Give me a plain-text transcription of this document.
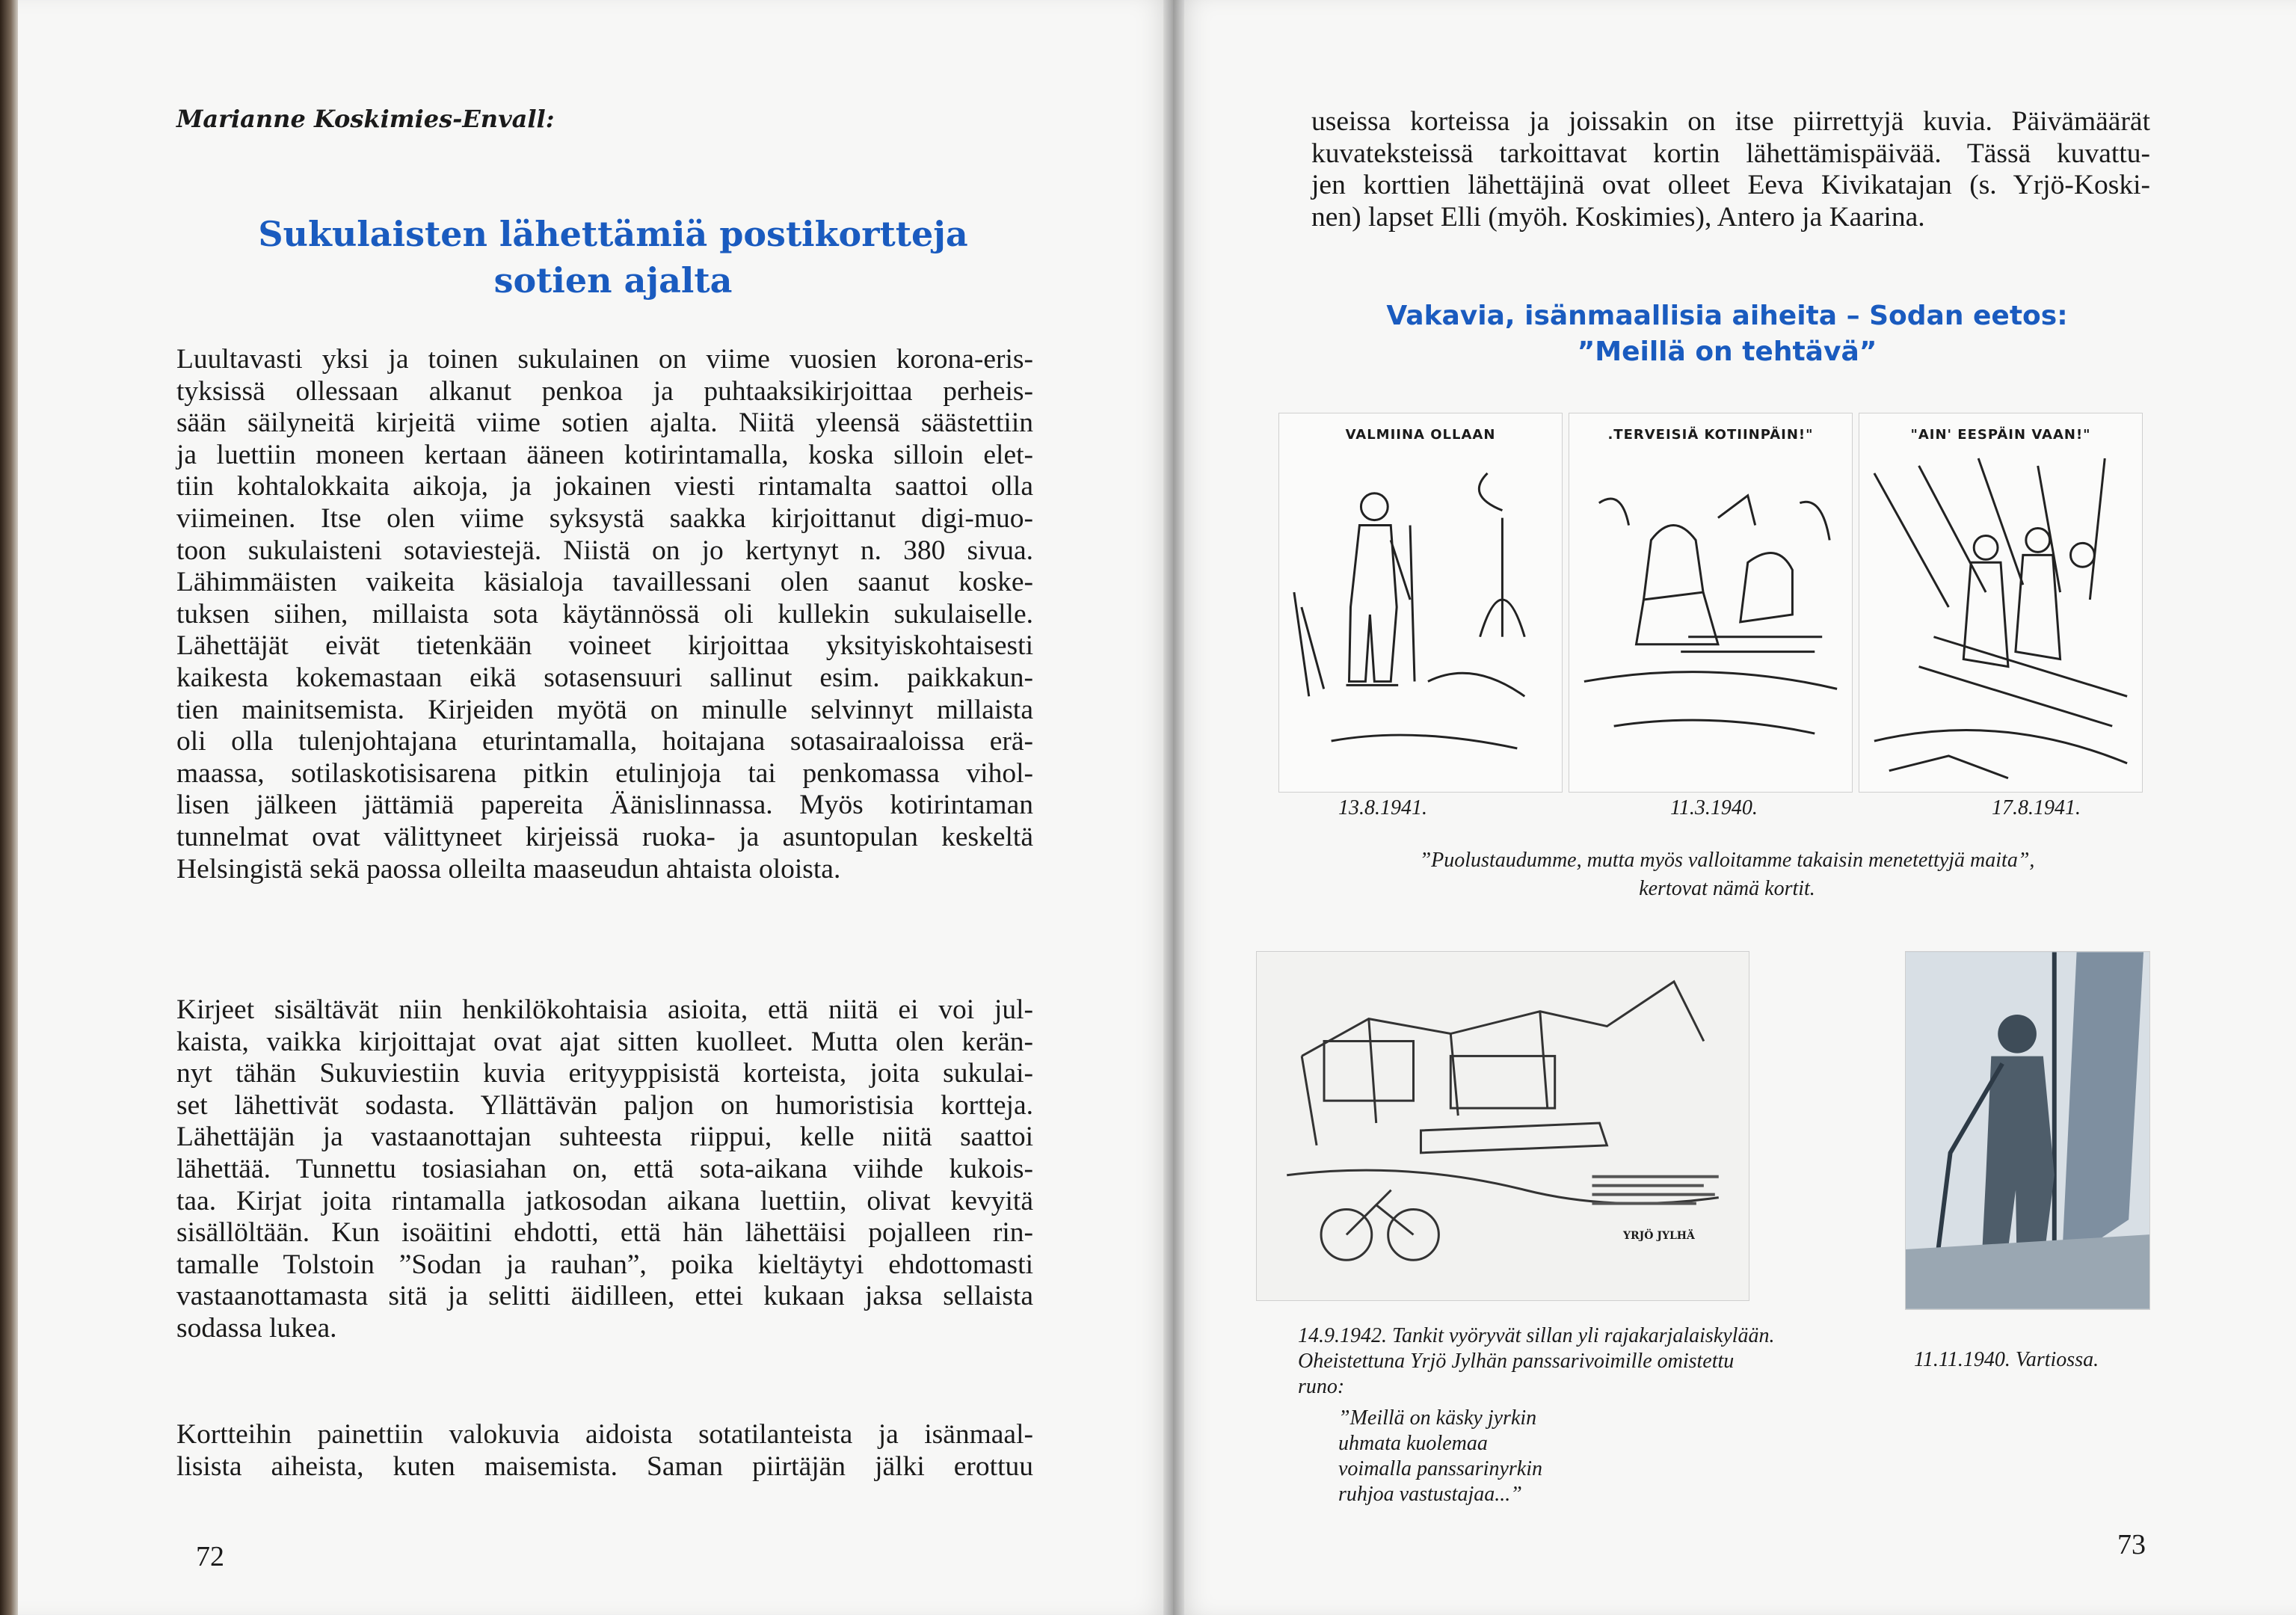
Marianne Koskimies-Envall:
Sukulaisten lähettämiä postikortteja
sotien ajalta
Luultavasti yksi ja toinen sukulainen on viime vuosien korona-eris-
tyksissä ollessaan alkanut penkoa ja puhtaaksikirjoittaa perheis-
sään säilyneitä kirjeitä viime sotien ajalta. Niitä yleensä säästettiin
ja luettiin moneen kertaan ääneen kotirintamalla, koska silloin elet-
tiin kohtalokkaita aikoja, ja jokainen viesti rintamalta saattoi olla
viimeinen. Itse olen viime syksystä saakka kirjoittanut digi-muo-
toon sukulaisteni sotaviestejä. Niistä on jo kertynyt n. 380 sivua.
Lähimmäisten vaikeita käsialoja tavaillessani olen saanut koske-
tuksen siihen, millaista sota käytännössä oli kullekin sukulaiselle.
Lähettäjät eivät tietenkään voineet kirjoittaa yksityiskohtaisesti
kaikesta kokemastaan eikä sotasensuuri sallinut esim. paikkakun-
tien mainitsemista. Kirjeiden myötä on minulle selvinnyt millaista
oli olla tulenjohtajana eturintamalla, hoitajana sotasairaaloissa erä-
maassa, sotilaskotisisarena pitkin etulinjoja tai penkomassa vihol-
lisen jälkeen jättämiä papereita Äänislinnassa. Myös kotirintaman
tunnelmat ovat välittyneet kirjeissä ruoka- ja asuntopulan keskeltä
Helsingistä sekä paossa olleilta maaseudun ahtaista oloista.
Kirjeet sisältävät niin henkilökohtaisia asioita, että niitä ei voi jul-
kaista, vaikka kirjoittajat ovat ajat sitten kuolleet. Mutta olen kerän-
nyt tähän Sukuviestiin kuvia erityyppisistä korteista, joita sukulai-
set lähettivät sodasta. Yllättävän paljon on humoristisia kortteja.
Lähettäjän ja vastaanottajan suhteesta riippui, kelle niitä saattoi
lähettää. Tunnettu tosiasiahan on, että sota-aikana viihde kukois-
taa. Kirjat joita rintamalla jatkosodan aikana luettiin, olivat kevyitä
sisällöltään. Kun isoäitini ehdotti, että hän lähettäisi pojalleen rin-
tamalle Tolstoin ”Sodan ja rauhan”, poika kieltäytyi ehdottomasti
vastaanottamasta sitä ja selitti äidilleen, ettei kukaan jaksa sellaista
sodassa lukea.
Kortteihin painettiin valokuvia aidoista sotatilanteista ja isänmaal-
lisista aiheista, kuten maisemista. Saman piirtäjän jälki erottuu
72
useissa korteissa ja joissakin on itse piirrettyjä kuvia. Päivämäärät
kuvateksteissä tarkoittavat kortin lähettämispäivää. Tässä kuvattu-
jen korttien lähettäjinä ovat olleet Eeva Kivikatajan (s. Yrjö-Koski-
nen) lapset Elli (myöh. Koskimies), Antero ja Kaarina.
Vakavia, isänmaallisia aiheita – Sodan eetos:
”Meillä on tehtävä”
VALMIINA OLLAAN	.TERVEISIÄ KOTIINPÄIN!"	"AIN' EESPÄIN VAAN!"
13.8.1941.	11.3.1940.	17.8.1941.
”Puolustaudumme, mutta myös valloitamme takaisin menetettyjä maita”,
kertovat nämä kortit.
YRJÖ JYLHÄ
14.9.1942. Tankit vyöryvät sillan yli rajakarjalaiskylään.
Oheistettuna Yrjö Jylhän panssarivoimille omistettu
runo:
”Meillä on käsky jyrkin
uhmata kuolemaa
voimalla panssarinyrkin
ruhjoa vastustajaa...”
11.11.1940. Vartiossa.
73
